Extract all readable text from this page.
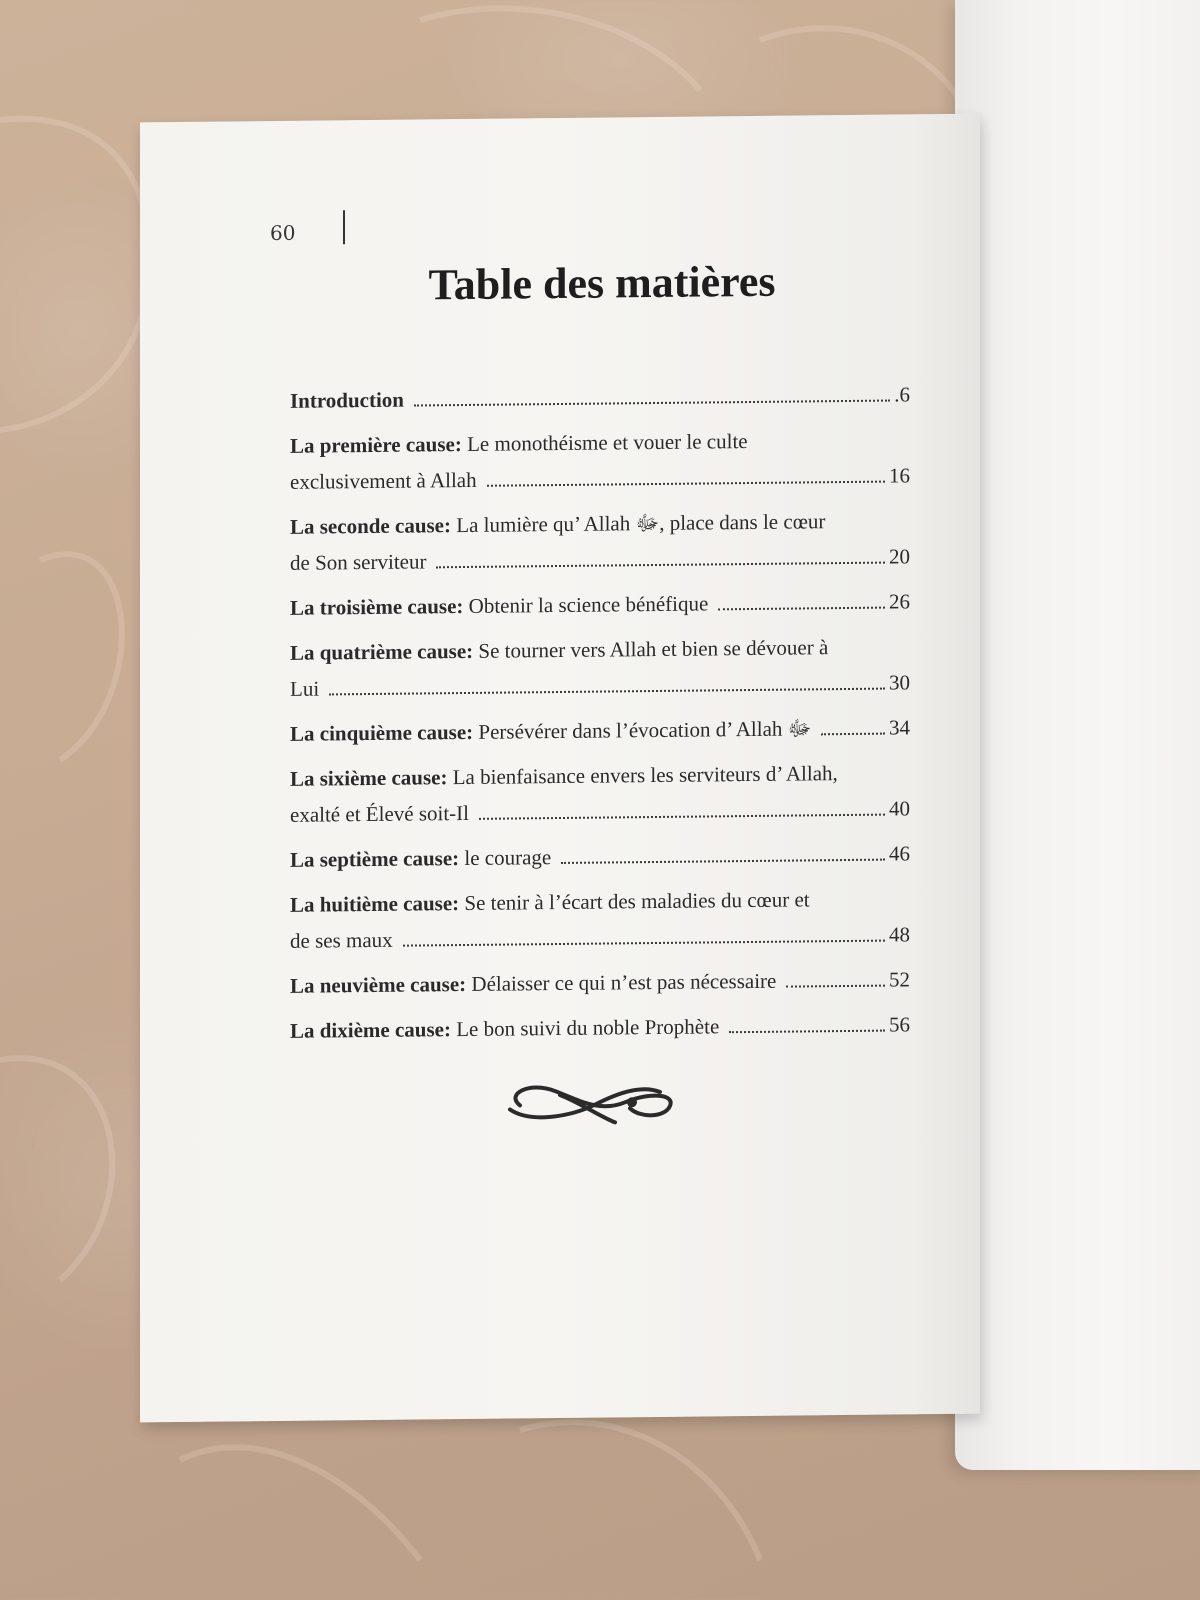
60
Table des matières
Introduction	.6
La première cause: Le monothéisme et vouer le culte
exclusivement à Allah	16
La seconde cause: La lumière qu’ Allah ﷻ, place dans le cœur
de Son serviteur	20
La troisième cause: Obtenir la science bénéfique	26
La quatrième cause: Se tourner vers Allah et bien se dévouer à
Lui	30
La cinquième cause: Persévérer dans l’évocation d’ Allah ﷻ	34
La sixième cause: La bienfaisance envers les serviteurs d’ Allah,
exalté et Élevé soit-Il	40
La septième cause: le courage	46
La huitième cause: Se tenir à l’écart des maladies du cœur et
de ses maux	48
La neuvième cause: Délaisser ce qui n’est pas nécessaire	52
La dixième cause: Le bon suivi du noble Prophète	56
